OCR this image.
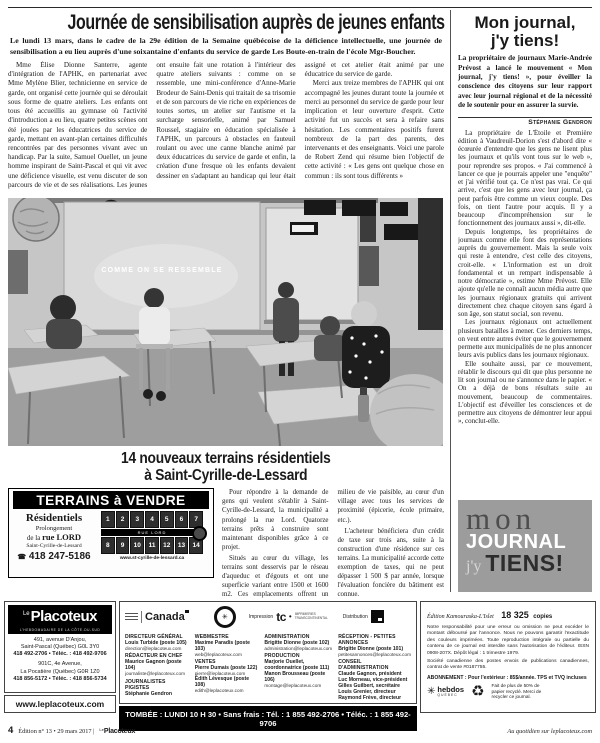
Journée de sensibilisation auprès de jeunes enfants

Le lundi 13 mars, dans le cadre de la 29e édition de la Semaine québécoise de la déficience intellectuelle, une journée de sensibilisation a eu lieu auprès d'une soixantaine d'enfants du service de garde Les Boute-en-train de l'école Mgr-Boucher.

Mme Élise Dionne Santerre, agente d'intégration de l'APHK, en partenariat avec Mme Mylène Blier, technicienne en service de garde, ont organisé cette journée qui se déroulait sous forme de quatre ateliers. Les enfants ont tous été accueillis au gymnase où l'activité d'introduction a eu lieu, quatre petites scènes ont été jouées par les éducatrices du service de garde, mettant en avant-plan certaines difficultés rencontrées par des personnes vivant avec un handicap. Par la suite, Samuel Ouellet, un jeune homme inspirant de Saint-Pascal et qui vit avec une déficience visuelle, est venu discuter de son parcours de vie et de ses réalisations. Les jeunes ont ensuite fait une rotation à l'intérieur des quatre ateliers suivants : comme on se ressemble, une mini-conférence d'Anne-Marie Brodeur de Saint-Denis qui traitait de sa trisomie et de son parcours de vie riche en expériences de toutes sortes, un atelier sur l'autisme et la surcharge sensorielle, animé par Samuel Roussel, stagiaire en éducation spécialisée à l'APHK, un parcours à obstacles en fauteuil roulant ou avec une canne blanche animé par deux éducatrices du service de garde et enfin, la création d'une fresque où les enfants devaient dessiner en s'adaptant au handicap qui leur était assigné et cet atelier était animé par une éducatrice du service de garde.

Merci aux treize membres de l'APHK qui ont accompagné les jeunes durant toute la journée et merci au personnel du service de garde pour leur implication et leur ouverture d'esprit. Cette activité fut un succès et sera à refaire sans hésitation. Les commentaires positifs furent nombreux de la part des parents, des intervenants et des enseignants. Voici une parole de Robert Zend qui résume bien l'objectif de cette activité : « Les gens ont quelque chose en commun : ils sont tous différents »

COMME ON SE RESSEMBLE
14 nouveaux terrains résidentiels
à Saint-Cyrille-de-Lessard
TERRAINS à VENDRE
Résidentiels
Prolongement
de la rue LORD
Saint-Cyrille-de-Lessard
☎ 418 247-5186
1	2	3	4	5	6	7
RUE LORD
8	9	10	11	12	13	14
www.st-cyrille-de-lessard.ca

Pour répondre à la demande de gens qui veulent s'établir à Saint-Cyrille-de-Lessard, la municipalité a prolongé la rue Lord. Quatorze terrains prêts à construire sont maintenant disponibles grâce à ce projet.

Situés au cœur du village, les terrains sont desservis par le réseau d'aqueduc et d'égouts et ont une superficie variant entre 1500 et 1600 m2. Ces emplacements offrent un milieu de vie paisible, au cœur d'un village avec tous les services de proximité (épicerie, école primaire, etc.).

L'acheteur bénéficiera d'un crédit de taxe sur trois ans, suite à la construction d'une résidence sur ces terrains. La municipalité accorde cette exemption de taxes, qui ne peut dépasser 1 500 $ par année, lorsque l'évaluation foncière du bâtiment est connue.

Mon journal,
j'y tiens!

La propriétaire de journaux Marie-Andrée Prévost a lancé le mouvement « Mon journal, j'y tiens! », pour éveiller la conscience des citoyens sur leur rapport avec leur journal régional et de la nécessité de le soutenir pour en assurer la survie.

Stéphanie Gendron

La propriétaire de L'Étoile et Première édition à Vaudreuil-Dorion s'est d'abord dite « écœurée d'entendre que les gens ne lisent plus les journaux et qu'ils vont tous sur le web », pour reprendre ses propos. « J'ai commencé à lancer ce que je pourrais appeler une "enquête" et j'ai vérifié tout ça. Ce n'est pas vrai. Ce qui arrive, c'est que les gens avec leur journal, ça peut parfois être comme un vieux couple. Des fois, on tient l'autre pour acquis. Il y a beaucoup d'incompréhension sur le fonctionnement des journaux aussi », dit-elle.

Depuis longtemps, les propriétaires de journaux comme elle font des représentations auprès du gouvernement. Mais la seule voix qui reste à entendre, c'est celle des citoyens, croit-elle. « L'information est un droit fondamental et un rempart indispensable à notre démocratie », estime Mme Prévost. Elle ajoute qu'elle ne connaît aucun média autre que les journaux régionaux gratuits qui arrivent directement chez chaque citoyen sans égard à son âge, son statut social, son revenu.

Les journaux régionaux ont actuellement plusieurs batailles à mener. Ces derniers temps, on veut entre autres éviter que le gouvernement permette aux municipalités de ne plus annoncer leurs avis publics dans les journaux régionaux.

Elle souhaite aussi, par ce mouvement, rétablir le discours qui dit que plus personne ne lit son journal ou ne s'annonce dans le papier. « On a déjà de bons résultats suite au mouvement, beaucoup de commentaires. L'objectif est d'éveiller les consciences et de permettre aux citoyens de démontrer leur appui », conclut-elle.

mon
JOURNAL
j'y TIENS!
$^{Le}$Placoteux
L'HEBDOMADAIRE DE LA CÔTE-DU-SUD
491, avenue D'Anjou,
Saint-Pascal (Québec) G0L 3Y0
418 492-2706 • Téléc. : 418 492-9706
901C, 4e Avenue,
La Pocatière (Québec) G0R 1Z0
418 856-5172 • Téléc. : 418 856-5734
www.leplacoteux.com
Canada	✳	Impression tc • IMPRIMERIES
TRANSCONTINENTAL	Distribution
DIRECTEUR GÉNÉRAL
Louis Turbide (poste 105)
direction@leplacoteux.com
RÉDACTEUR EN CHEF
Maurice Gagnon (poste 104)
journaliste@leplacoteux.com
JOURNALISTES PIGISTES
Stéphanie Gendron
WEBMESTRE
Maxime Paradis (poste 103)
web@leplacoteux.com
VENTES
Pierre Dumais (poste 122)
pierre@leplacoteux.com
Édith Lévesque (poste 108)
edith@leplacoteux.com
ADMINISTRATION
Brigitte Dionne (poste 102)
administration@leplacoteux.com
PRODUCTION
Marjorie Ouellet,
coordonnatrice (poste 111)
Manon Brousseau (poste 106)
montage@leplacoteux.com
RÉCEPTION - PETITES ANNONCES
Brigitte Dionne (poste 101)
petitesannonces@leplacoteux.com
CONSEIL D'ADMINISTRATION
Claude Gagnon, président
Luc Morneau, vice-président
Gilles Guilbert, secrétaire
Louis Grenier, directeur
Raymond Frève, directeur
TOMBÉE : LUNDI 10 H 30 • Sans frais : Tél. : 1 855 492-2706 • Téléc. : 1 855 492-9706
Édition Kamouraska-L'Islet 18 325 copies

Notre responsabilité pour une erreur ou omission ne peut excéder le montant déboursé par l'annonce. Nous ne pouvons garantir l'exactitude des couleurs imprimées. Toute reproduction intégrale ou partielle du contenu de ce journal est interdite sans l'autorisation de l'éditeur. ISSN 0908-207X. Dépôt légal : 1 trimestre 1979.

Société canadienne des postes envois de publications canadiennes, contrat de vente #0187755.

ABONNEMENT : Pour l'extérieur : 85$/année. TPS et TVQ incluses

✳ hebdos
QUÉBEC ♻ Fait de plus de 50% de papier recyclé. Merci de recycler ce journal.
4 Édition n° 13 • 29 mars 2017 | LePlacoteux	Au quotidien sur leplacoteux.com
